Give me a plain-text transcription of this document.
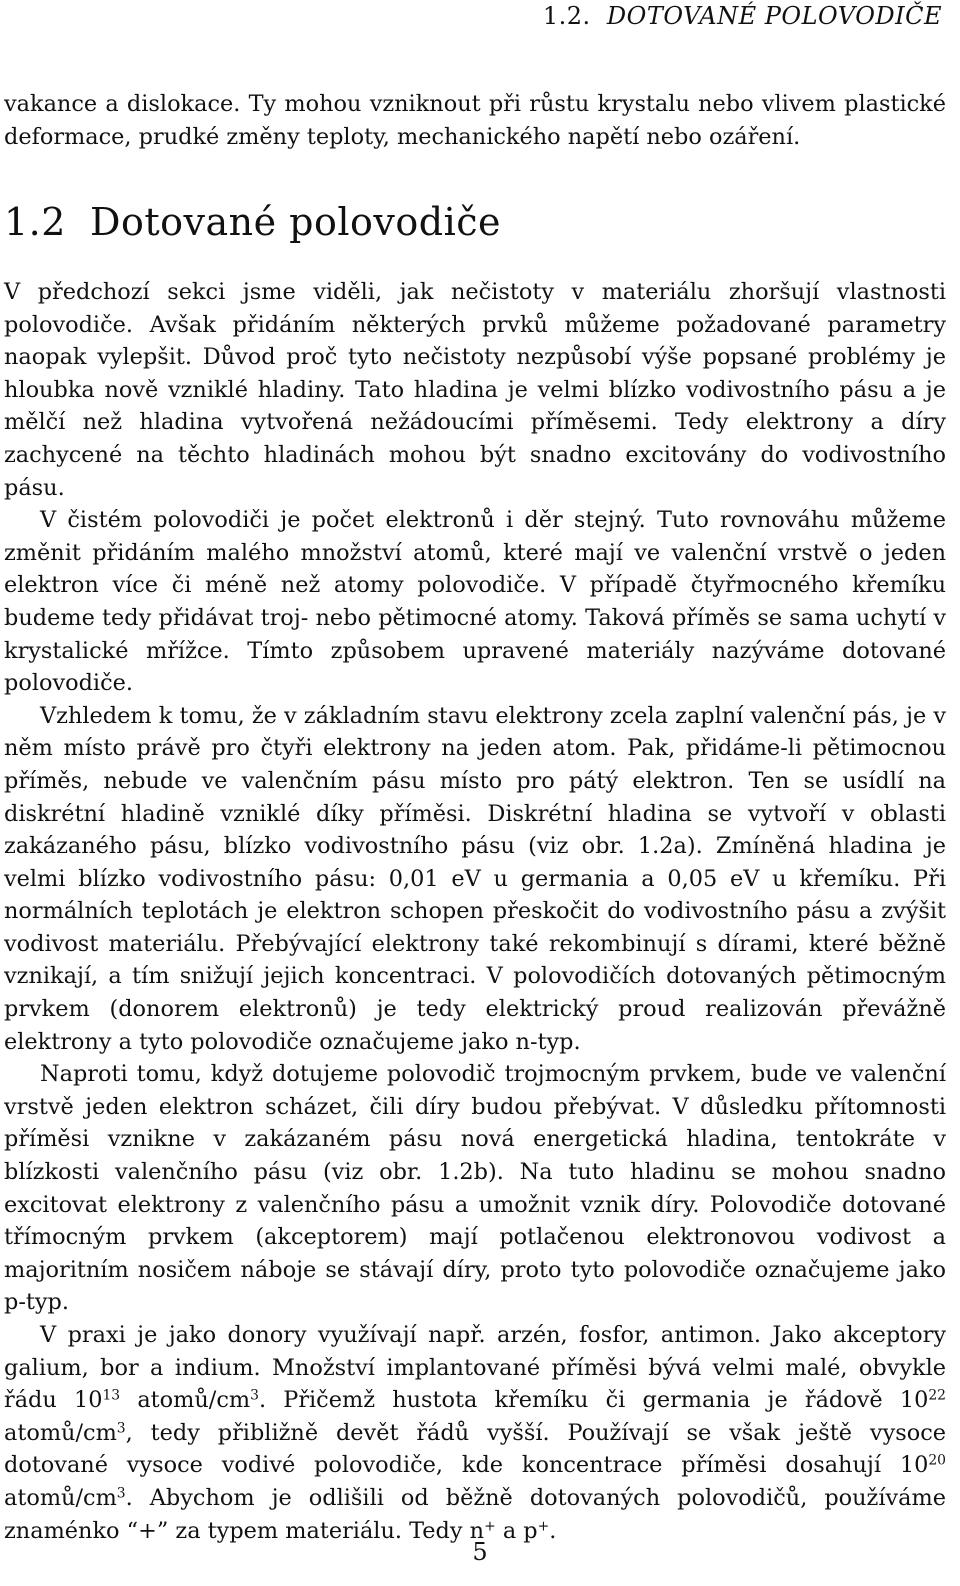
1.2. DOTOVANÉ POLOVODIČE

vakance a dislokace. Ty mohou vzniknout při růstu krystalu nebo vlivem plastické deformace, prudké změny teploty, mechanického napětí nebo ozáření.

1.2 Dotované polovodiče

V předchozí sekci jsme viděli, jak nečistoty v materiálu zhoršují vlastnosti polovodiče. Avšak přidáním některých prvků můžeme požadované parametry naopak vylepšit. Důvod proč tyto nečistoty nezpůsobí výše popsané problémy je hloubka nově vzniklé hladiny. Tato hladina je velmi blízko vodivostního pásu a je mělčí než hladina vytvořená nežádoucími příměsemi. Tedy elektrony a díry zachycené na těchto hladinách mohou být snadno excitovány do vodivostního pásu.

V čistém polovodiči je počet elektronů i děr stejný. Tuto rovnováhu můžeme změnit přidáním malého množství atomů, které mají ve valenční vrstvě o jeden elektron více či méně než atomy polovodiče. V případě čtyřmocného křemíku budeme tedy přidávat troj- nebo pětimocné atomy. Taková příměs se sama uchytí v krystalické mřížce. Tímto způsobem upravené materiály nazýváme dotované polovodiče.

Vzhledem k tomu, že v základním stavu elektrony zcela zaplní valenční pás, je v něm místo právě pro čtyři elektrony na jeden atom. Pak, přidáme-li pětimocnou příměs, nebude ve valenčním pásu místo pro pátý elektron. Ten se usídlí na diskrétní hladině vzniklé díky příměsi. Diskrétní hladina se vytvoří v oblasti zakázaného pásu, blízko vodivostního pásu (viz obr. 1.2a). Zmíněná hladina je velmi blízko vodivostního pásu: 0,01 eV u germania a 0,05 eV u křemíku. Při normálních teplotách je elektron schopen přeskočit do vodivostního pásu a zvýšit vodivost materiálu. Přebývající elektrony také rekombinují s dírami, které běžně vznikají, a tím snižují jejich koncentraci. V polovodičích dotovaných pětimocným prvkem (donorem elektronů) je tedy elektrický proud realizován převážně elektrony a tyto polovodiče označujeme jako n-typ.

Naproti tomu, když dotujeme polovodič trojmocným prvkem, bude ve valenční vrstvě jeden elektron scházet, čili díry budou přebývat. V důsledku přítomnosti příměsi vznikne v zakázaném pásu nová energetická hladina, tentokráte v blízkosti valenčního pásu (viz obr. 1.2b). Na tuto hladinu se mohou snadno excitovat elektrony z valenčního pásu a umožnit vznik díry. Polovodiče dotované třímocným prvkem (akceptorem) mají potlačenou elektronovou vodivost a majoritním nosičem náboje se stávají díry, proto tyto polovodiče označujeme jako p-typ.

V praxi je jako donory využívají např. arzén, fosfor, antimon. Jako akceptory galium, bor a indium. Množství implantované příměsi bývá velmi malé, obvykle řádu $10^{13}$ atomů/$cm^3$. Přičemž hustota křemíku či germania je řádově $10^{22}$ atomů/$cm^3$, tedy přibližně devět řádů vyšší. Používají se však ještě vysoce dotované vysoce vodivé polovodiče, kde koncentrace příměsi dosahují $10^{20}$ atomů/$cm^3$. Abychom je odlišili od běžně dotovaných polovodičů, používáme znaménko “+” za typem materiálu. Tedy n+ a p+.

5
